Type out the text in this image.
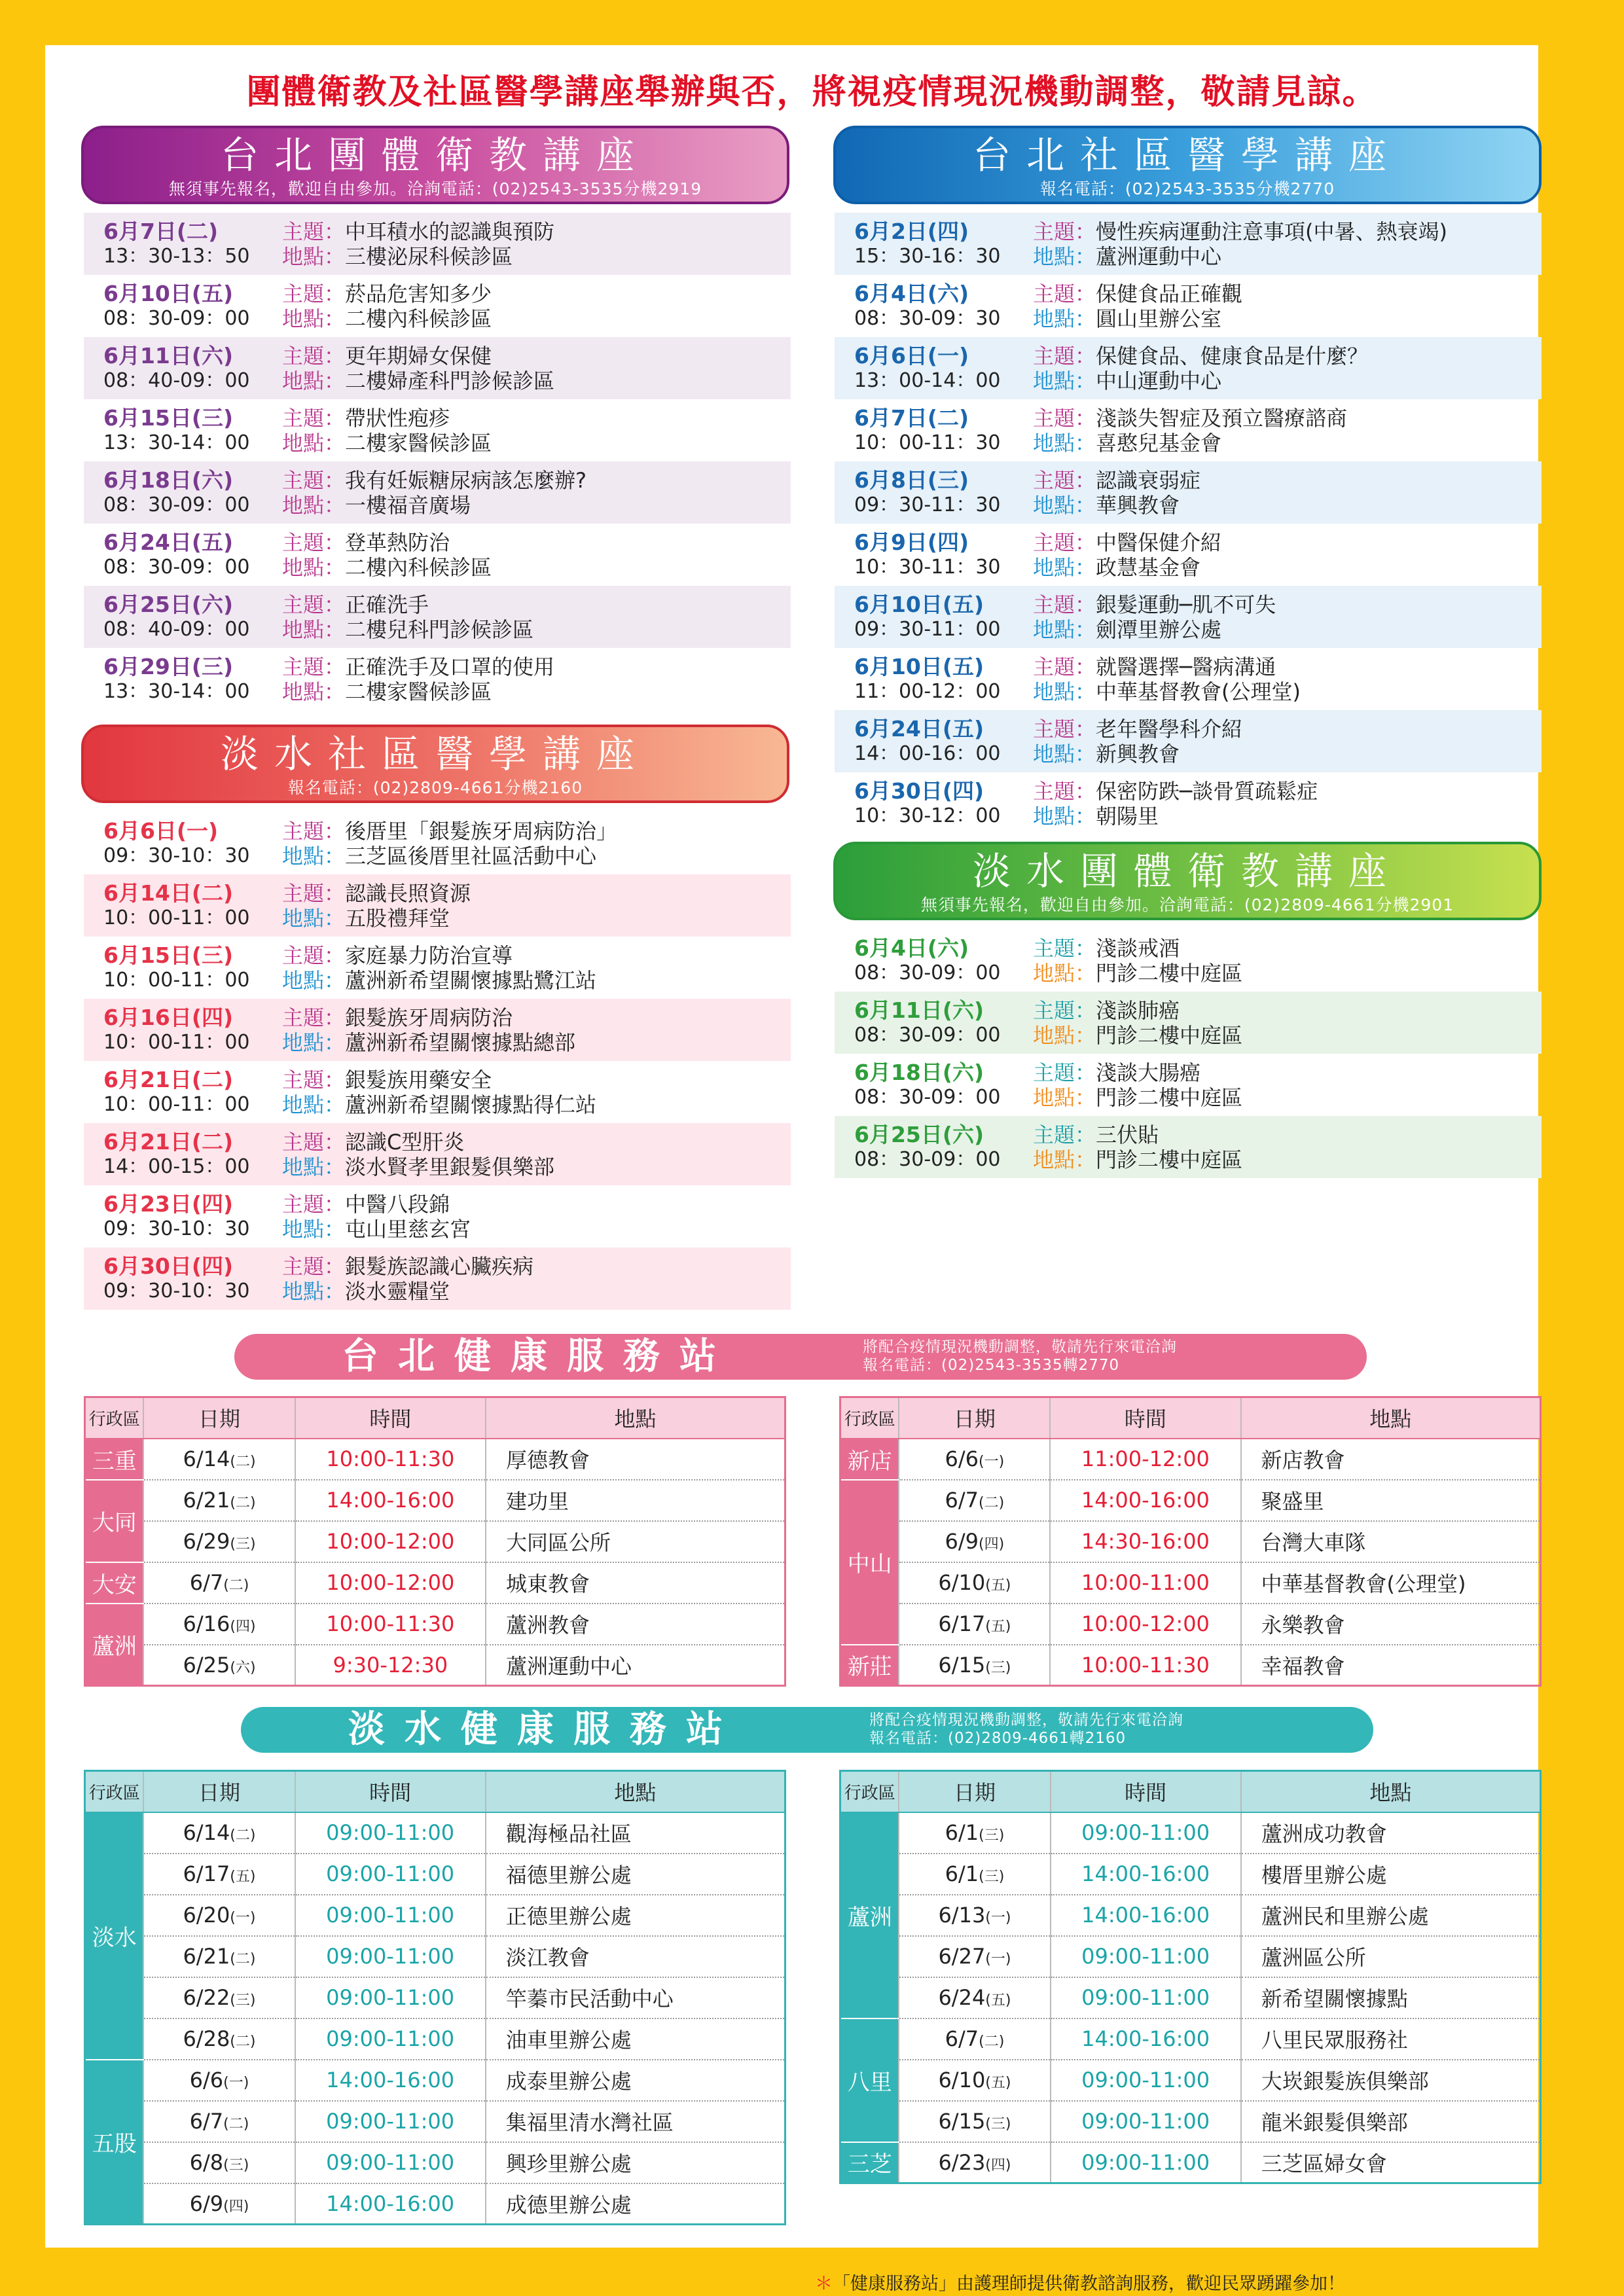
團體衛教及社區醫學講座舉辦與否，將視疫情現況機動調整，敬請見諒。
台北團體衛教講座
無須事先報名，歡迎自由參加。洽詢電話：(02)2543-3535分機2919
台北社區醫學講座
報名電話：(02)2543-3535分機2770
淡水社區醫學講座
報名電話：(02)2809-4661分機2160
淡水團體衛教講座
無須事先報名，歡迎自由參加。洽詢電話：(02)2809-4661分機2901
6月7日(二)
13：30-13：50
主題：中耳積水的認識與預防
地點：三樓泌尿科候診區
6月10日(五)
08：30-09：00
主題：菸品危害知多少
地點：二樓內科候診區
6月11日(六)
08：40-09：00
主題：更年期婦女保健
地點：二樓婦產科門診候診區
6月15日(三)
13：30-14：00
主題：帶狀性疱疹
地點：二樓家醫候診區
6月18日(六)
08：30-09：00
主題：我有妊娠糖尿病該怎麼辦?
地點：一樓福音廣場
6月24日(五)
08：30-09：00
主題：登革熱防治
地點：二樓內科候診區
6月25日(六)
08：40-09：00
主題：正確洗手
地點：二樓兒科門診候診區
6月29日(三)
13：30-14：00
主題：正確洗手及口罩的使用
地點：二樓家醫候診區
6月2日(四)
15：30-16：30
主題：慢性疾病運動注意事項(中暑、熱衰竭)
地點：蘆洲運動中心
6月4日(六)
08：30-09：30
主題：保健食品正確觀
地點：圓山里辦公室
6月6日(一)
13：00-14：00
主題：保健食品、健康食品是什麼？
地點：中山運動中心
6月7日(二)
10：00-11：30
主題：淺談失智症及預立醫療諮商
地點：喜憨兒基金會
6月8日(三)
09：30-11：30
主題：認識衰弱症
地點：華興教會
6月9日(四)
10：30-11：30
主題：中醫保健介紹
地點：政慧基金會
6月10日(五)
09：30-11：00
主題：銀髮運動─肌不可失
地點：劍潭里辦公處
6月10日(五)
11：00-12：00
主題：就醫選擇─醫病溝通
地點：中華基督教會(公理堂)
6月24日(五)
14：00-16：00
主題：老年醫學科介紹
地點：新興教會
6月30日(四)
10：30-12：00
主題：保密防跌─談骨質疏鬆症
地點：朝陽里
6月6日(一)
09：30-10：30
主題：後厝里「銀髮族牙周病防治」
地點：三芝區後厝里社區活動中心
6月14日(二)
10：00-11：00
主題：認識長照資源
地點：五股禮拜堂
6月15日(三)
10：00-11：00
主題：家庭暴力防治宣導
地點：蘆洲新希望關懷據點鷺江站
6月16日(四)
10：00-11：00
主題：銀髮族牙周病防治
地點：蘆洲新希望關懷據點總部
6月21日(二)
10：00-11：00
主題：銀髮族用藥安全
地點：蘆洲新希望關懷據點得仁站
6月21日(二)
14：00-15：00
主題：認識C型肝炎
地點：淡水賢孝里銀髮俱樂部
6月23日(四)
09：30-10：30
主題：中醫八段錦
地點：屯山里慈玄宮
6月30日(四)
09：30-10：30
主題：銀髮族認識心臟疾病
地點：淡水靈糧堂
6月4日(六)
08：30-09：00
主題：淺談戒酒
地點：門診二樓中庭區
6月11日(六)
08：30-09：00
主題：淺談肺癌
地點：門診二樓中庭區
6月18日(六)
08：30-09：00
主題：淺談大腸癌
地點：門診二樓中庭區
6月25日(六)
08：30-09：00
主題：三伏貼
地點：門診二樓中庭區
台北健康服務站	將配合疫情現況機動調整，敬請先行來電洽詢
報名電話：(02)2543-3535轉2770
淡水健康服務站	將配合疫情現況機動調整，敬請先行來電洽詢
報名電話：(02)2809-4661轉2160
行政區	日期	時間	地點
三重	6/14(二)	10:00-11:30	厚德教會
大同	6/21(二)	14:00-16:00	建功里
	6/29(三)	10:00-12:00	大同區公所
大安	6/7(二)	10:00-12:00	城東教會
蘆洲	6/16(四)	10:00-11:30	蘆洲教會
	6/25(六)	9:30-12:30	蘆洲運動中心
行政區	日期	時間	地點
新店	6/6(一)	11:00-12:00	新店教會
中山	6/7(二)	14:00-16:00	聚盛里
	6/9(四)	14:30-16:00	台灣大車隊
	6/10(五)	10:00-11:00	中華基督教會(公理堂)
	6/17(五)	10:00-12:00	永樂教會
新莊	6/15(三)	10:00-11:30	幸福教會
行政區	日期	時間	地點
淡水	6/14(二)	09:00-11:00	觀海極品社區
	6/17(五)	09:00-11:00	福德里辦公處
	6/20(一)	09:00-11:00	正德里辦公處
	6/21(二)	09:00-11:00	淡江教會
	6/22(三)	09:00-11:00	竿蓁市民活動中心
	6/28(二)	09:00-11:00	油車里辦公處
五股	6/6(一)	14:00-16:00	成泰里辦公處
	6/7(二)	09:00-11:00	集福里清水灣社區
	6/8(三)	09:00-11:00	興珍里辦公處
	6/9(四)	14:00-16:00	成德里辦公處
行政區	日期	時間	地點
蘆洲	6/1(三)	09:00-11:00	蘆洲成功教會
	6/1(三)	14:00-16:00	樓厝里辦公處
	6/13(一)	14:00-16:00	蘆洲民和里辦公處
	6/27(一)	09:00-11:00	蘆洲區公所
	6/24(五)	09:00-11:00	新希望關懷據點
八里	6/7(二)	14:00-16:00	八里民眾服務社
	6/10(五)	09:00-11:00	大崁銀髮族俱樂部
	6/15(三)	09:00-11:00	龍米銀髮俱樂部
三芝	6/23(四)	09:00-11:00	三芝區婦女會
＊「健康服務站」由護理師提供衛教諮詢服務，歡迎民眾踴躍參加！
